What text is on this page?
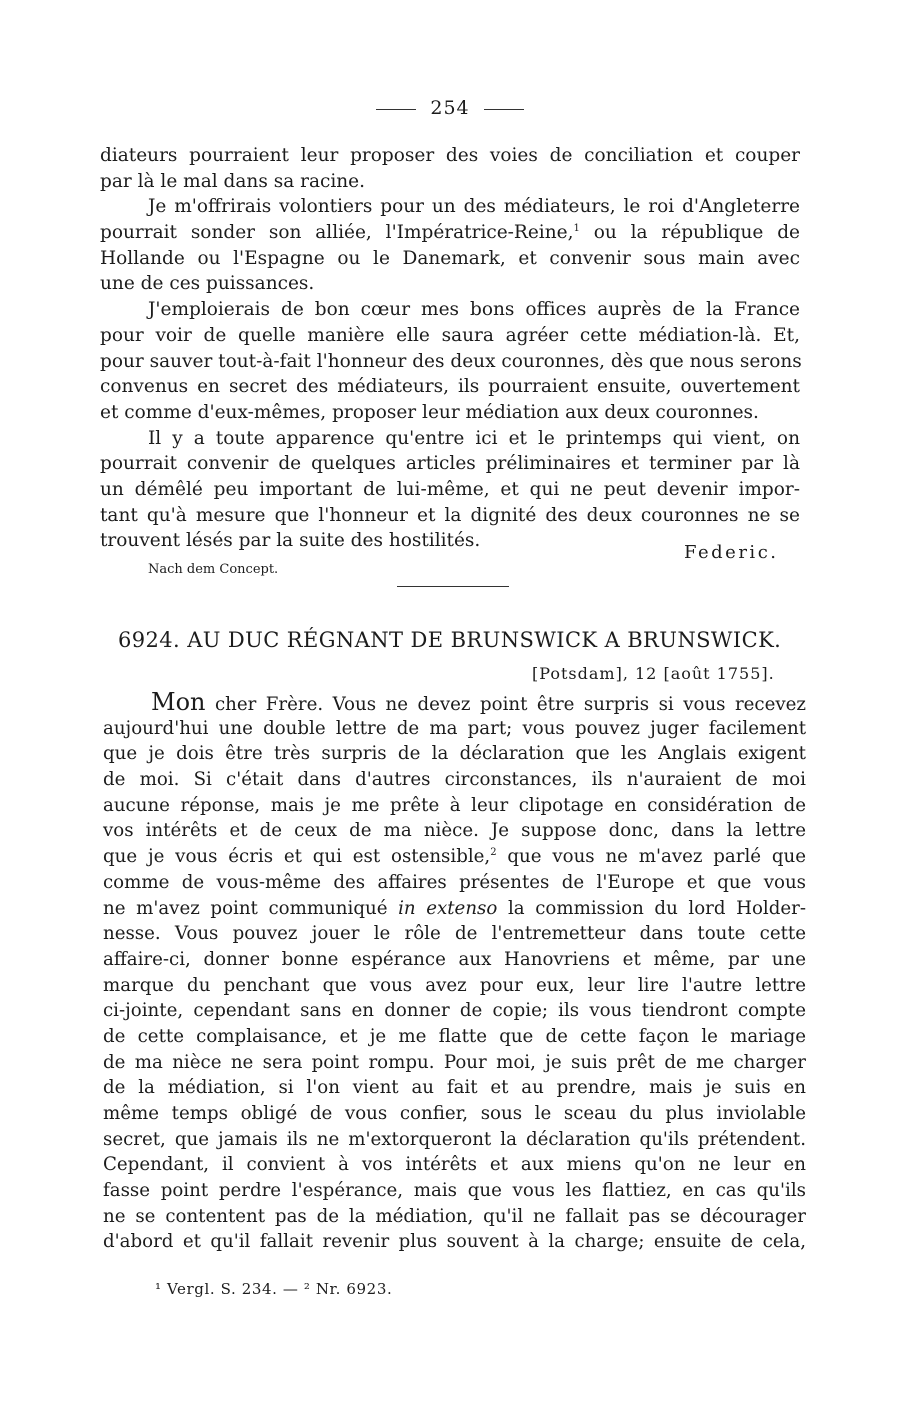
254
diateurs pourraient leur proposer des voies de conciliation et couper
par là le mal dans sa racine.
Je m'offrirais volontiers pour un des médiateurs, le roi d'Angleterre
pourrait sonder son alliée, l'Impératrice-Reine,$^1$ ou la république de
Hollande ou l'Espagne ou le Danemark, et convenir sous main avec
une de ces puissances.
J'emploierais de bon cœur mes bons offices auprès de la France
pour voir de quelle manière elle saura agréer cette médiation-là. Et,
pour sauver tout-à-fait l'honneur des deux couronnes, dès que nous serons
convenus en secret des médiateurs, ils pourraient ensuite, ouvertement
et comme d'eux-mêmes, proposer leur médiation aux deux couronnes.
Il y a toute apparence qu'entre ici et le printemps qui vient, on
pourrait convenir de quelques articles préliminaires et terminer par là
un démêlé peu important de lui-même, et qui ne peut devenir impor-
tant qu'à mesure que l'honneur et la dignité des deux couronnes ne se
trouvent lésés par la suite des hostilités.
Federic.
Nach dem Concept.
6924. AU DUC RÉGNANT DE BRUNSWICK A BRUNSWICK.
[Potsdam], 12 [août 1755].
Mon cher Frère. Vous ne devez point être surpris si vous recevez
aujourd'hui une double lettre de ma part; vous pouvez juger facilement
que je dois être très surpris de la déclaration que les Anglais exigent
de moi. Si c'était dans d'autres circonstances, ils n'auraient de moi
aucune réponse, mais je me prête à leur clipotage en considération de
vos intérêts et de ceux de ma nièce. Je suppose donc, dans la lettre
que je vous écris et qui est ostensible,$^2$ que vous ne m'avez parlé que
comme de vous-même des affaires présentes de l'Europe et que vous
ne m'avez point communiqué in extenso la commission du lord Holder-
nesse. Vous pouvez jouer le rôle de l'entremetteur dans toute cette
affaire-ci, donner bonne espérance aux Hanovriens et même, par une
marque du penchant que vous avez pour eux, leur lire l'autre lettre
ci-jointe, cependant sans en donner de copie; ils vous tiendront compte
de cette complaisance, et je me flatte que de cette façon le mariage
de ma nièce ne sera point rompu. Pour moi, je suis prêt de me charger
de la médiation, si l'on vient au fait et au prendre, mais je suis en
même temps obligé de vous confier, sous le sceau du plus inviolable
secret, que jamais ils ne m'extorqueront la déclaration qu'ils prétendent.
Cependant, il convient à vos intérêts et aux miens qu'on ne leur en
fasse point perdre l'espérance, mais que vous les flattiez, en cas qu'ils
ne se contentent pas de la médiation, qu'il ne fallait pas se décourager
d'abord et qu'il fallait revenir plus souvent à la charge; ensuite de cela,
¹ Vergl. S. 234. — ² Nr. 6923.
